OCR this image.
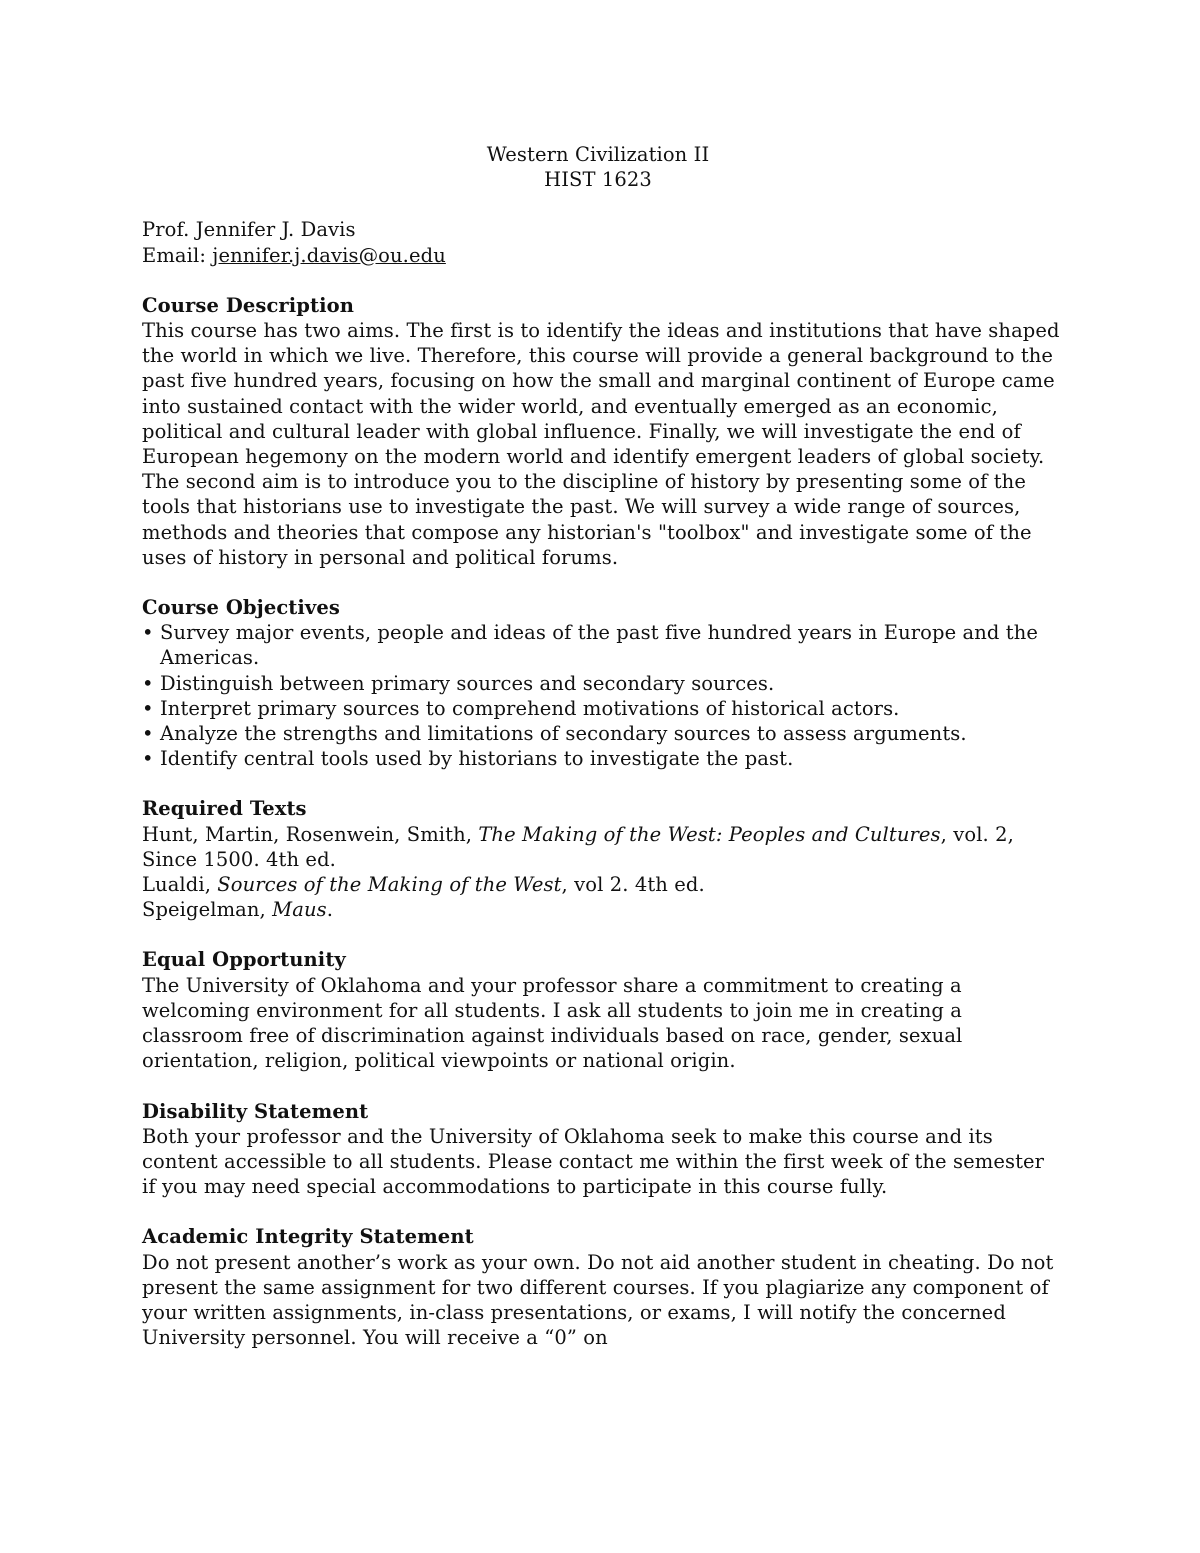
Western Civilization II
HIST 1623
Prof. Jennifer J. Davis
Email: jennifer.j.davis@ou.edu

Course Description

This course has two aims. The first is to identify the ideas and institutions that have shaped the world in which we live. Therefore, this course will provide a general background to the past five hundred years, focusing on how the small and marginal continent of Europe came into sustained contact with the wider world, and eventually emerged as an economic, political and cultural leader with global influence. Finally, we will investigate the end of European hegemony on the modern world and identify emergent leaders of global society. The second aim is to introduce you to the discipline of history by presenting some of the tools that historians use to investigate the past. We will survey a wide range of sources, methods and theories that compose any historian's "toolbox" and investigate some of the uses of history in personal and political forums.

Course Objectives

• Survey major events, people and ideas of the past five hundred years in Europe and the Americas.
• Distinguish between primary sources and secondary sources.
• Interpret primary sources to comprehend motivations of historical actors.
• Analyze the strengths and limitations of secondary sources to assess arguments.
• Identify central tools used by historians to investigate the past.

Required Texts

Hunt, Martin, Rosenwein, Smith, The Making of the West: Peoples and Cultures, vol. 2, Since 1500. 4th ed.

Lualdi, Sources of the Making of the West, vol 2. 4th ed.

Speigelman, Maus.

Equal Opportunity

The University of Oklahoma and your professor share a commitment to creating a welcoming environment for all students. I ask all students to join me in creating a classroom free of discrimination against individuals based on race, gender, sexual orientation, religion, political viewpoints or national origin.

Disability Statement

Both your professor and the University of Oklahoma seek to make this course and its content accessible to all students. Please contact me within the first week of the semester if you may need special accommodations to participate in this course fully.

Academic Integrity Statement

Do not present another’s work as your own. Do not aid another student in cheating. Do not present the same assignment for two different courses. If you plagiarize any component of your written assignments, in-class presentations, or exams, I will notify the concerned University personnel. You will receive a “0” on
